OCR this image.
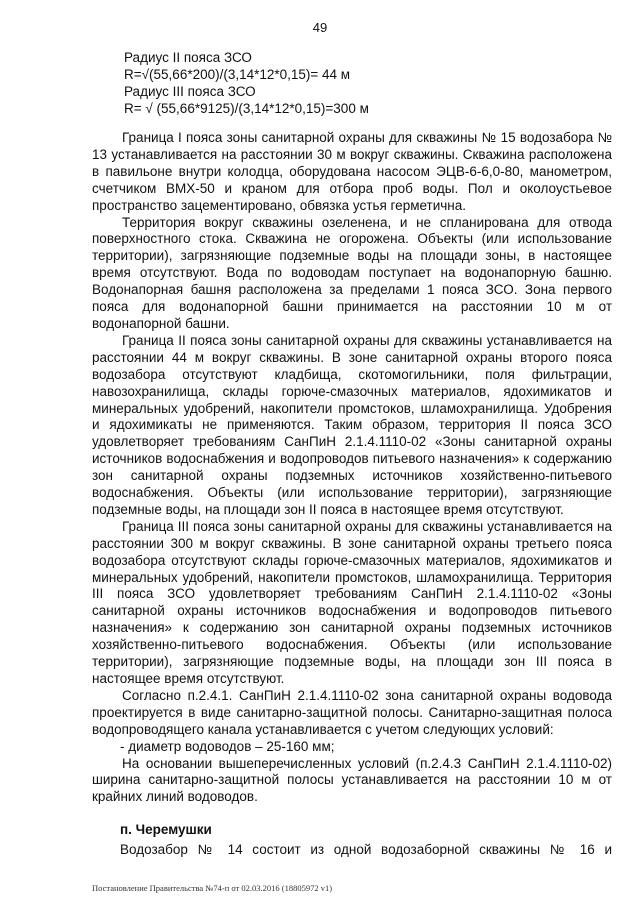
49
Радиус II пояса ЗСО
R=√(55,66*200)/(3,14*12*0,15)= 44 м
Радиус III пояса ЗСО
R= √ (55,66*9125)/(3,14*12*0,15)=300 м

Граница I пояса зоны санитарной охраны для скважины № 15 водозабора № 13 устанавливается на расстоянии 30 м вокруг скважины. Скважина расположена в павильоне внутри колодца, оборудована насосом ЭЦВ-6-6,0-80, манометром, счетчиком ВМХ-50 и краном для отбора проб воды. Пол и околоустьевое пространство зацементировано, обвязка устья герметична.

Территория вокруг скважины озеленена, и не спланирована для отвода поверхностного стока. Скважина не огорожена. Объекты (или использование территории), загрязняющие подземные воды на площади зоны, в настоящее время отсутствуют. Вода по водоводам поступает на водонапорную башню. Водонапорная башня расположена за пределами 1 пояса ЗСО. Зона первого пояса для водонапорной башни принимается на расстоянии 10 м от водонапорной башни.

Граница II пояса зоны санитарной охраны для скважины устанавливается на расстоянии 44 м вокруг скважины. В зоне санитарной охраны второго пояса водозабора отсутствуют кладбища, скотомогильники, поля фильтрации, навозохранилища, склады горюче-смазочных материалов, ядохимикатов и минеральных удобрений, накопители промстоков, шламохранилища. Удобрения и ядохимикаты не применяются. Таким образом, территория II пояса ЗСО удовлетворяет требованиям СанПиН 2.1.4.1110-02 «Зоны санитарной охраны источников водоснабжения и водопроводов питьевого назначения» к содержанию зон санитарной охраны подземных источников хозяйственно-питьевого водоснабжения. Объекты (или использование территории), загрязняющие подземные воды, на площади зон II пояса в настоящее время отсутствуют.

Граница III пояса зоны санитарной охраны для скважины устанавливается на расстоянии 300 м вокруг скважины. В зоне санитарной охраны третьего пояса водозабора отсутствуют склады горюче-смазочных материалов, ядохимикатов и минеральных удобрений, накопители промстоков, шламохранилища. Территория III пояса ЗСО удовлетворяет требованиям СанПиН 2.1.4.1110-02 «Зоны санитарной охраны источников водоснабжения и водопроводов питьевого назначения» к содержанию зон санитарной охраны подземных источников хозяйственно-питьевого водоснабжения. Объекты (или использование территории), загрязняющие подземные воды, на площади зон III пояса в настоящее время отсутствуют.

Согласно п.2.4.1. СанПиН 2.1.4.1110-02 зона санитарной охраны водовода проектируется в виде санитарно-защитной полосы. Санитарно-защитная полоса водопроводящего канала устанавливается с учетом следующих условий:

- диаметр водоводов – 25-160 мм;

На основании вышеперечисленных условий (п.2.4.3 СанПиН 2.1.4.1110-02) ширина санитарно-защитной полосы устанавливается на расстоянии 10 м от крайних линий водоводов.

п. Черемушки
Водозабор № 14 состоит из одной водозаборной скважины № 16 и
Постановление Правительства №74-п от 02.03.2016 (18805972 v1)
